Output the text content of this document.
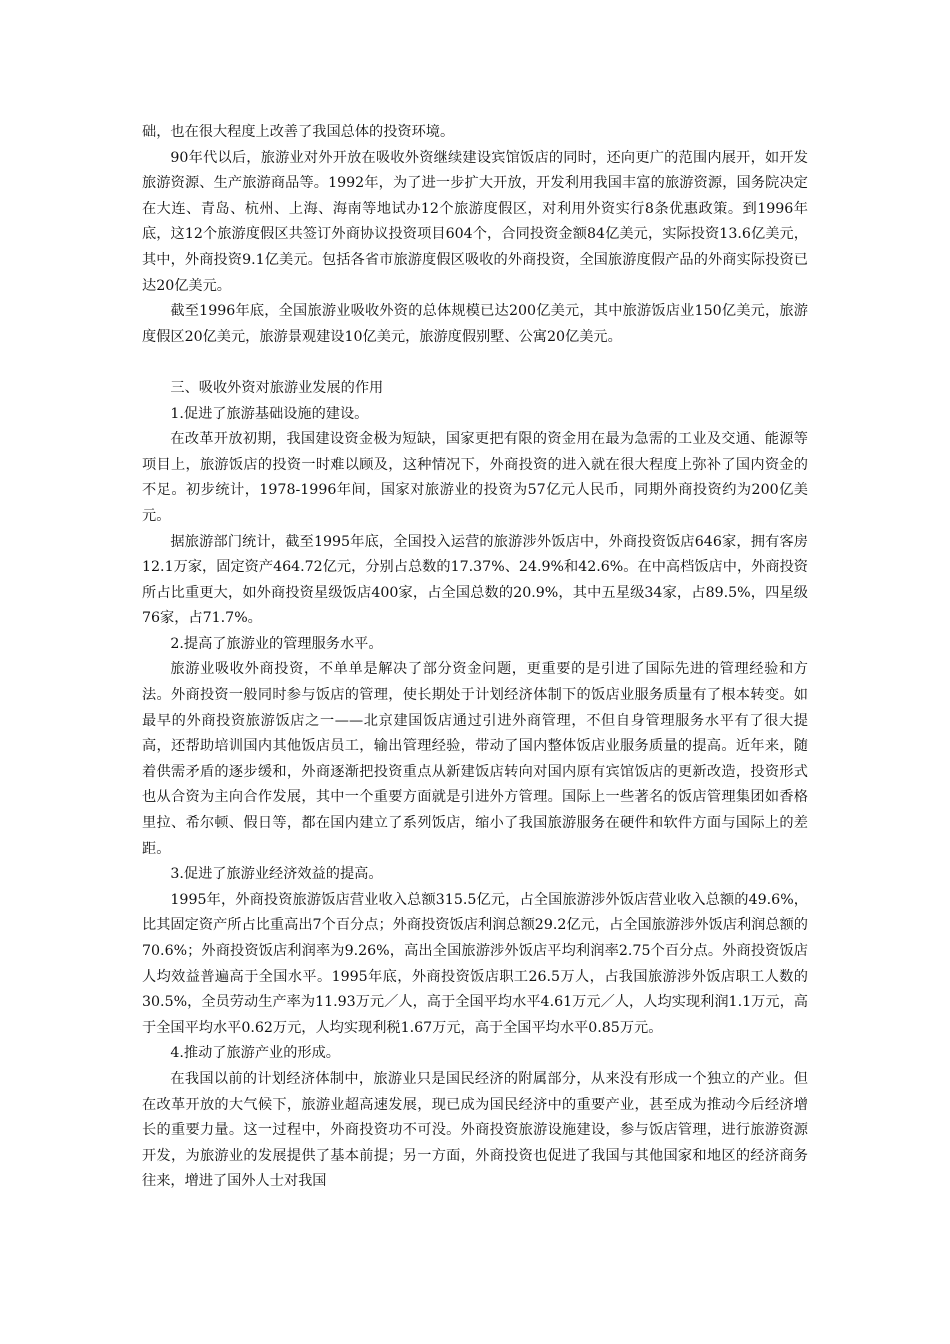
础，也在很大程度上改善了我国总体的投资环境。

90年代以后，旅游业对外开放在吸收外资继续建设宾馆饭店的同时，还向更广的范围内展开，如开发旅游资源、生产旅游商品等。1992年，为了进一步扩大开放，开发利用我国丰富的旅游资源，国务院决定在大连、青岛、杭州、上海、海南等地试办12个旅游度假区，对利用外资实行8条优惠政策。到1996年底，这12个旅游度假区共签订外商协议投资项目604个，合同投资金额84亿美元，实际投资13.6亿美元，其中，外商投资9.1亿美元。包括各省市旅游度假区吸收的外商投资，全国旅游度假产品的外商实际投资已达20亿美元。

截至1996年底，全国旅游业吸收外资的总体规模已达200亿美元，其中旅游饭店业150亿美元，旅游度假区20亿美元，旅游景观建设10亿美元，旅游度假别墅、公寓20亿美元。

三、吸收外资对旅游业发展的作用

1.促进了旅游基础设施的建设。

在改革开放初期，我国建设资金极为短缺，国家更把有限的资金用在最为急需的工业及交通、能源等项目上，旅游饭店的投资一时难以顾及，这种情况下，外商投资的进入就在很大程度上弥补了国内资金的不足。初步统计，1978-1996年间，国家对旅游业的投资为57亿元人民币，同期外商投资约为200亿美元。

据旅游部门统计，截至1995年底，全国投入运营的旅游涉外饭店中，外商投资饭店646家，拥有客房12.1万家，固定资产464.72亿元，分别占总数的17.37%、24.9%和42.6%。在中高档饭店中，外商投资所占比重更大，如外商投资星级饭店400家，占全国总数的20.9%，其中五星级34家，占89.5%，四星级76家，占71.7%。

2.提高了旅游业的管理服务水平。

旅游业吸收外商投资，不单单是解决了部分资金问题，更重要的是引进了国际先进的管理经验和方法。外商投资一般同时参与饭店的管理，使长期处于计划经济体制下的饭店业服务质量有了根本转变。如最早的外商投资旅游饭店之一——北京建国饭店通过引进外商管理，不但自身管理服务水平有了很大提高，还帮助培训国内其他饭店员工，输出管理经验，带动了国内整体饭店业服务质量的提高。近年来，随着供需矛盾的逐步缓和，外商逐渐把投资重点从新建饭店转向对国内原有宾馆饭店的更新改造，投资形式也从合资为主向合作发展，其中一个重要方面就是引进外方管理。国际上一些著名的饭店管理集团如香格里拉、希尔顿、假日等，都在国内建立了系列饭店，缩小了我国旅游服务在硬件和软件方面与国际上的差距。

3.促进了旅游业经济效益的提高。

1995年，外商投资旅游饭店营业收入总额315.5亿元，占全国旅游涉外饭店营业收入总额的49.6%，比其固定资产所占比重高出7个百分点；外商投资饭店利润总额29.2亿元，占全国旅游涉外饭店利润总额的70.6%；外商投资饭店利润率为9.26%，高出全国旅游涉外饭店平均利润率2.75个百分点。外商投资饭店人均效益普遍高于全国水平。1995年底，外商投资饭店职工26.5万人，占我国旅游涉外饭店职工人数的30.5%，全员劳动生产率为11.93万元／人，高于全国平均水平4.61万元／人，人均实现利润1.1万元，高于全国平均水平0.62万元，人均实现利税1.67万元，高于全国平均水平0.85万元。

4.推动了旅游产业的形成。

在我国以前的计划经济体制中，旅游业只是国民经济的附属部分，从来没有形成一个独立的产业。但在改革开放的大气候下，旅游业超高速发展，现已成为国民经济中的重要产业，甚至成为推动今后经济增长的重要力量。这一过程中，外商投资功不可没。外商投资旅游设施建设，参与饭店管理，进行旅游资源开发，为旅游业的发展提供了基本前提；另一方面，外商投资也促进了我国与其他国家和地区的经济商务往来，增进了国外人士对我国
